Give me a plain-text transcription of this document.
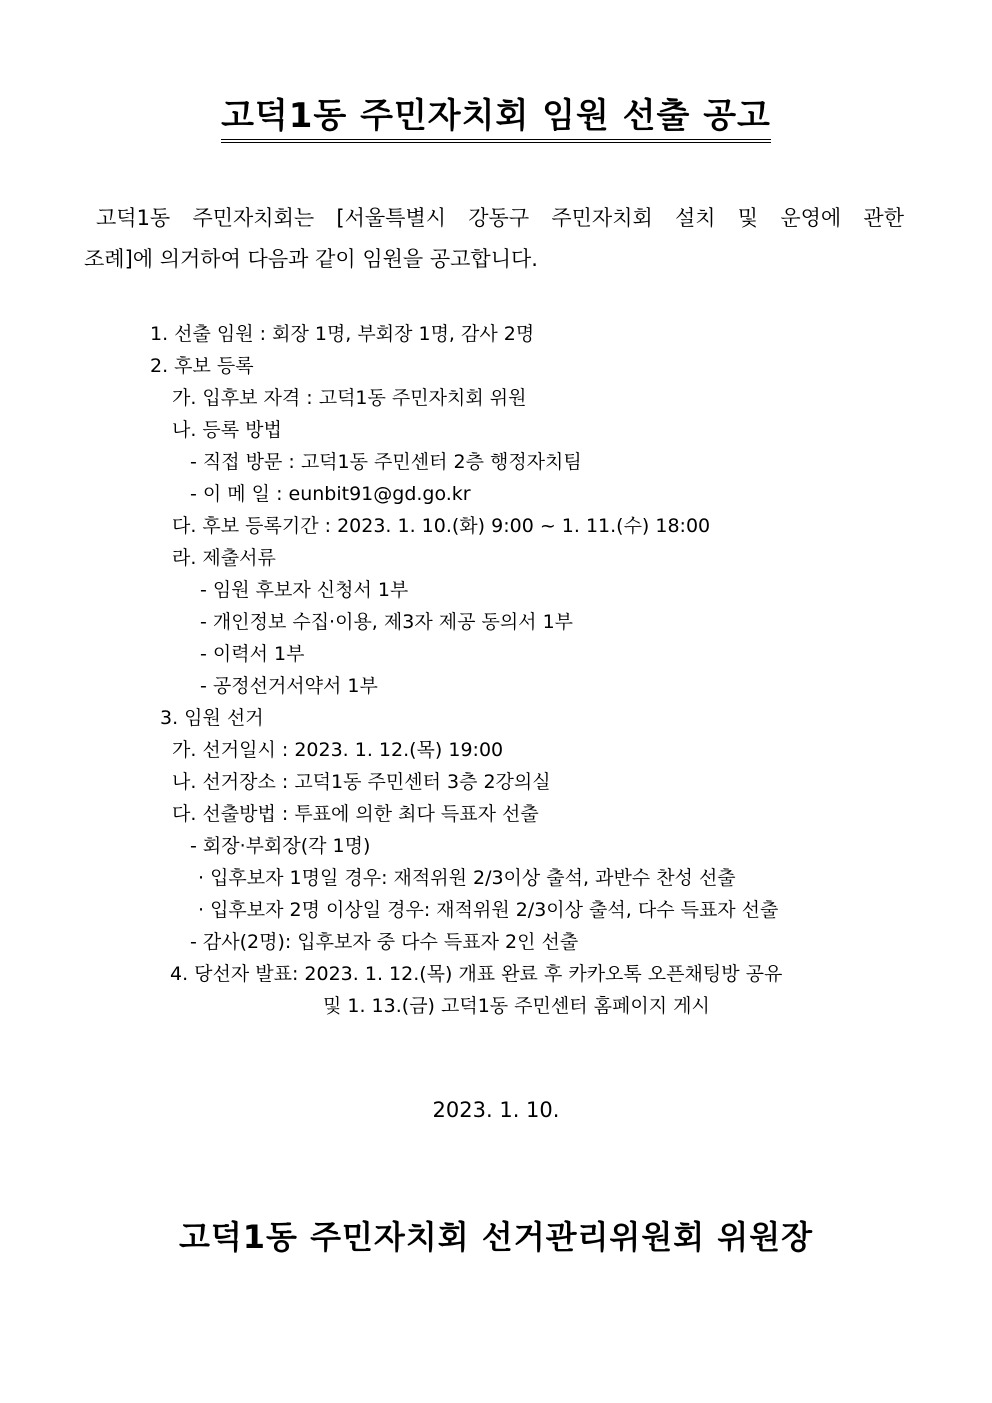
고덕1동 주민자치회 임원 선출 공고
고덕1동 주민자치회는 [서울특별시 강동구 주민자치회 설치 및 운영에 관한
조례]에 의거하여 다음과 같이 임원을 공고합니다.
1. 선출 임원 : 회장 1명, 부회장 1명, 감사 2명
2. 후보 등록
가. 입후보 자격 : 고덕1동 주민자치회 위원
나. 등록 방법
- 직접 방문 : 고덕1동 주민센터 2층 행정자치팀
- 이 메 일 : eunbit91@gd.go.kr
다. 후보 등록기간 : 2023. 1. 10.(화) 9:00 ~ 1. 11.(수) 18:00
라. 제출서류
- 임원 후보자 신청서 1부
- 개인정보 수집·이용, 제3자 제공 동의서 1부
- 이력서 1부
- 공정선거서약서 1부
3. 임원 선거
가. 선거일시 : 2023. 1. 12.(목) 19:00
나. 선거장소 : 고덕1동 주민센터 3층 2강의실
다. 선출방법 : 투표에 의한 최다 득표자 선출
- 회장·부회장(각 1명)
· 입후보자 1명일 경우: 재적위원 2/3이상 출석, 과반수 찬성 선출
· 입후보자 2명 이상일 경우: 재적위원 2/3이상 출석, 다수 득표자 선출
- 감사(2명): 입후보자 중 다수 득표자 2인 선출
4. 당선자 발표: 2023. 1. 12.(목) 개표 완료 후 카카오톡 오픈채팅방 공유
및 1. 13.(금) 고덕1동 주민센터 홈페이지 게시
2023. 1. 10.
고덕1동 주민자치회 선거관리위원회 위원장
